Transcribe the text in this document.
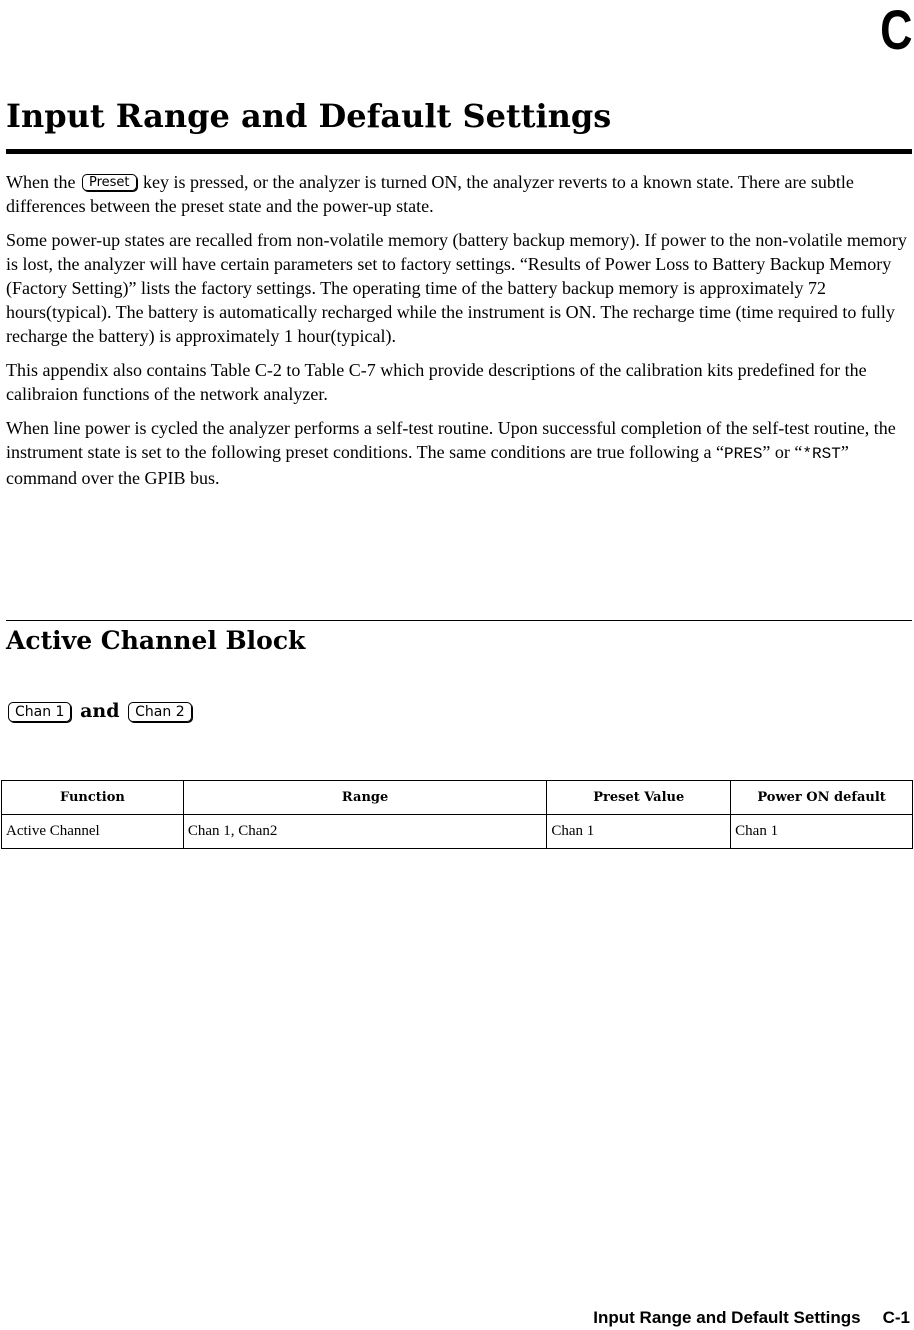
C
Input Range and Default Settings

When the Preset key is pressed, or the analyzer is turned ON, the analyzer reverts to a known state. There are subtle differences between the preset state and the power-up state.

Some power-up states are recalled from non-volatile memory (battery backup memory). If power to the non-volatile memory is lost, the analyzer will have certain parameters set to factory settings. “Results of Power Loss to Battery Backup Memory (Factory Setting)” lists the factory settings. The operating time of the battery backup memory is approximately 72 hours(typical). The battery is automatically recharged while the instrument is ON. The recharge time (time required to fully recharge the battery) is approximately 1 hour(typical).

This appendix also contains Table C-2 to Table C-7 which provide descriptions of the calibration kits predefined for the calibraion functions of the network analyzer.

When line power is cycled the analyzer performs a self-test routine. Upon successful completion of the self-test routine, the instrument state is set to the following preset conditions. The same conditions are true following a “PRES” or “*RST” command over the GPIB bus.

Active Channel Block
Chan 1 and Chan 2
Function	Range	Preset Value	Power ON default
Active Channel	Chan 1, Chan2	Chan 1	Chan 1
Input Range and Default Settings C-1
